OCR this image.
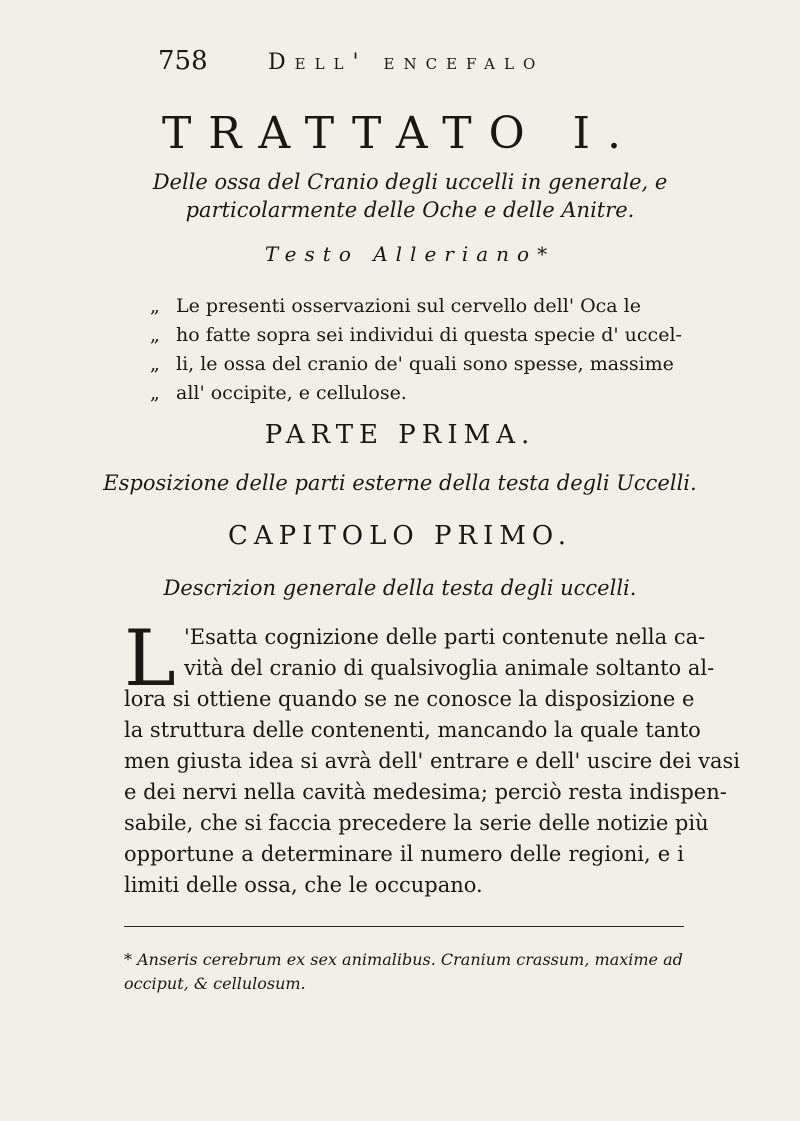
758	Dell' encefalo
TRATTATO I.
Delle ossa del Cranio degli uccelli in generale, e
particolarmente delle Oche e delle Anitre.
Testo Alleriano*
„ Le presenti osservazioni sul cervello dell' Oca le
„ ho fatte sopra sei individui di questa specie d' uccel-
„ li, le ossa del cranio de' quali sono spesse, massime
„ all' occipite, e cellulose.
PARTE PRIMA.
Esposizione delle parti esterne della testa degli Uccelli.
CAPITOLO PRIMO.
Descrizion generale della testa degli uccelli.
L 'Esatta cognizione delle parti contenute nella ca-
vità del cranio di qualsivoglia animale soltanto al-
lora si ottiene quando se ne conosce la disposizione e
la struttura delle contenenti, mancando la quale tanto
men giusta idea si avrà dell' entrare e dell' uscire dei vasi
e dei nervi nella cavità medesima; perciò resta indispen-
sabile, che si faccia precedere la serie delle notizie più
opportune a determinare il numero delle regioni, e i
limiti delle ossa, che le occupano.
* Anseris cerebrum ex sex animalibus. Cranium crassum, maxime ad
occiput, & cellulosum.
